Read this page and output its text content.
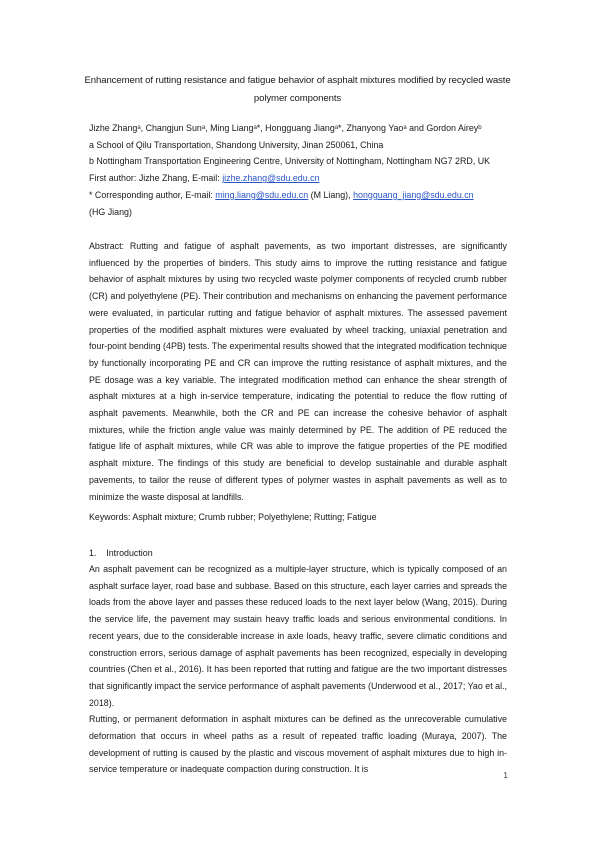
Enhancement of rutting resistance and fatigue behavior of asphalt mixtures modified by recycled waste polymer components

Jizhe Zhangᵃ, Changjun Sunᵃ, Ming Liangᵃ*, Hongguang Jiangᵃ*, Zhanyong Yaoᵃ and Gordon Aireyᵇ

a School of Qilu Transportation, Shandong University, Jinan 250061, China

b Nottingham Transportation Engineering Centre, University of Nottingham, Nottingham NG7 2RD, UK

First author: Jizhe Zhang, E-mail: jizhe.zhang@sdu.edu.cn

* Corresponding author, E-mail: ming.liang@sdu.edu.cn (M Liang), hongguang_jiang@sdu.edu.cn

(HG Jiang)

Abstract: Rutting and fatigue of asphalt pavements, as two important distresses, are significantly influenced by the properties of binders. This study aims to improve the rutting resistance and fatigue behavior of asphalt mixtures by using two recycled waste polymer components of recycled crumb rubber (CR) and polyethylene (PE). Their contribution and mechanisms on enhancing the pavement performance were evaluated, in particular rutting and fatigue behavior of asphalt mixtures. The assessed pavement properties of the modified asphalt mixtures were evaluated by wheel tracking, uniaxial penetration and four-point bending (4PB) tests. The experimental results showed that the integrated modification technique by functionally incorporating PE and CR can improve the rutting resistance of asphalt mixtures, and the PE dosage was a key variable. The integrated modification method can enhance the shear strength of asphalt mixtures at a high in-service temperature, indicating the potential to reduce the flow rutting of asphalt pavements. Meanwhile, both the CR and PE can increase the cohesive behavior of asphalt mixtures, while the friction angle value was mainly determined by PE. The addition of PE reduced the fatigue life of asphalt mixtures, while CR was able to improve the fatigue properties of the PE modified asphalt mixture. The findings of this study are beneficial to develop sustainable and durable asphalt pavements, to tailor the reuse of different types of polymer wastes in asphalt pavements as well as to minimize the waste disposal at landfills.

Keywords: Asphalt mixture; Crumb rubber; Polyethylene; Rutting; Fatigue
1.    Introduction

An asphalt pavement can be recognized as a multiple-layer structure, which is typically composed of an asphalt surface layer, road base and subbase. Based on this structure, each layer carries and spreads the loads from the above layer and passes these reduced loads to the next layer below (Wang, 2015). During the service life, the pavement may sustain heavy traffic loads and serious environmental conditions. In recent years, due to the considerable increase in axle loads, heavy traffic, severe climatic conditions and construction errors, serious damage of asphalt pavements has been recognized, especially in developing countries (Chen et al., 2016). It has been reported that rutting and fatigue are the two important distresses that significantly impact the service performance of asphalt pavements (Underwood et al., 2017; Yao et al., 2018).

Rutting, or permanent deformation in asphalt mixtures can be defined as the unrecoverable cumulative deformation that occurs in wheel paths as a result of repeated traffic loading (Muraya, 2007). The development of rutting is caused by the plastic and viscous movement of asphalt mixtures due to high in-service temperature or inadequate compaction during construction. It is

1
